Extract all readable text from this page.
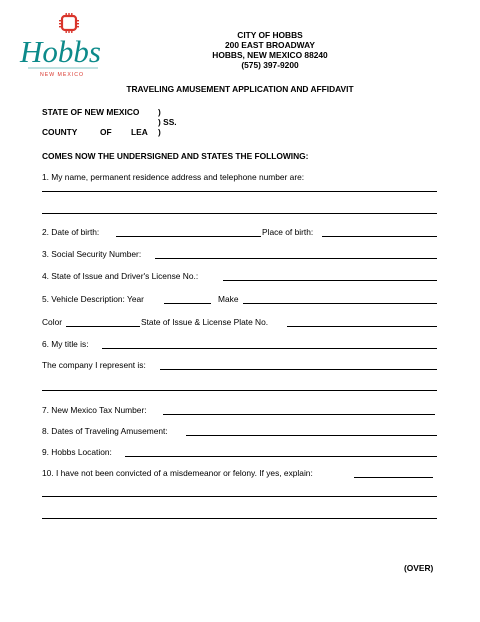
Hobbs
NEW MEXICO
CITY OF HOBBS
200 EAST BROADWAY
HOBBS, NEW MEXICO 88240
(575) 397-9200
TRAVELING AMUSEMENT APPLICATION AND AFFIDAVIT
STATE OF NEW MEXICO )
) SS.
COUNTY	OF LEA )
COMES NOW THE UNDERSIGNED AND STATES THE FOLLOWING:
1. My name, permanent residence address and telephone number are:
2. Date of birth:	Place of birth:
3. Social Security Number:
4. State of Issue and Driver's License No.:
5. Vehicle Description: Year	Make
Color	State of Issue & License Plate No.
6. My title is:
The company I represent is:
7. New Mexico Tax Number:
8. Dates of Traveling Amusement:
9. Hobbs Location:
10. I have not been convicted of a misdemeanor or felony. If yes, explain:
(OVER)
